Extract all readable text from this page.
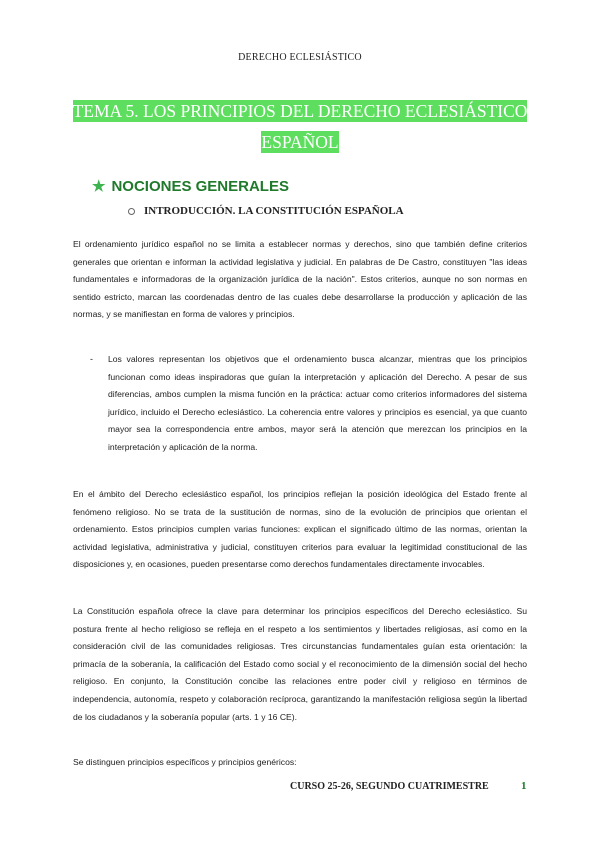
DERECHO ECLESIÁSTICO
TEMA 5. LOS PRINCIPIOS DEL DERECHO ECLESIÁSTICO
ESPAÑOL
★ NOCIONES GENERALES
INTRODUCCIÓN. LA CONSTITUCIÓN ESPAÑOLA

El ordenamiento jurídico español no se limita a establecer normas y derechos, sino que también define criterios generales que orientan e informan la actividad legislativa y judicial. En palabras de De Castro, constituyen "las ideas fundamentales e informadoras de la organización jurídica de la nación". Estos criterios, aunque no son normas en sentido estricto, marcan las coordenadas dentro de las cuales debe desarrollarse la producción y aplicación de las normas, y se manifiestan en forma de valores y principios.

- Los valores representan los objetivos que el ordenamiento busca alcanzar, mientras que los principios funcionan como ideas inspiradoras que guían la interpretación y aplicación del Derecho. A pesar de sus diferencias, ambos cumplen la misma función en la práctica: actuar como criterios informadores del sistema jurídico, incluido el Derecho eclesiástico. La coherencia entre valores y principios es esencial, ya que cuanto mayor sea la correspondencia entre ambos, mayor será la atención que merezcan los principios en la interpretación y aplicación de la norma.

En el ámbito del Derecho eclesiástico español, los principios reflejan la posición ideológica del Estado frente al fenómeno religioso. No se trata de la sustitución de normas, sino de la evolución de principios que orientan el ordenamiento. Estos principios cumplen varias funciones: explican el significado último de las normas, orientan la actividad legislativa, administrativa y judicial, constituyen criterios para evaluar la legitimidad constitucional de las disposiciones y, en ocasiones, pueden presentarse como derechos fundamentales directamente invocables.

La Constitución española ofrece la clave para determinar los principios específicos del Derecho eclesiástico. Su postura frente al hecho religioso se refleja en el respeto a los sentimientos y libertades religiosas, así como en la consideración civil de las comunidades religiosas. Tres circunstancias fundamentales guían esta orientación: la primacía de la soberanía, la calificación del Estado como social y el reconocimiento de la dimensión social del hecho religioso. En conjunto, la Constitución concibe las relaciones entre poder civil y religioso en términos de independencia, autonomía, respeto y colaboración recíproca, garantizando la manifestación religiosa según la libertad de los ciudadanos y la soberanía popular (arts. 1 y 16 CE).

Se distinguen principios específicos y principios genéricos:

CURSO 25-26, SEGUNDO CUATRIMESTRE	1
